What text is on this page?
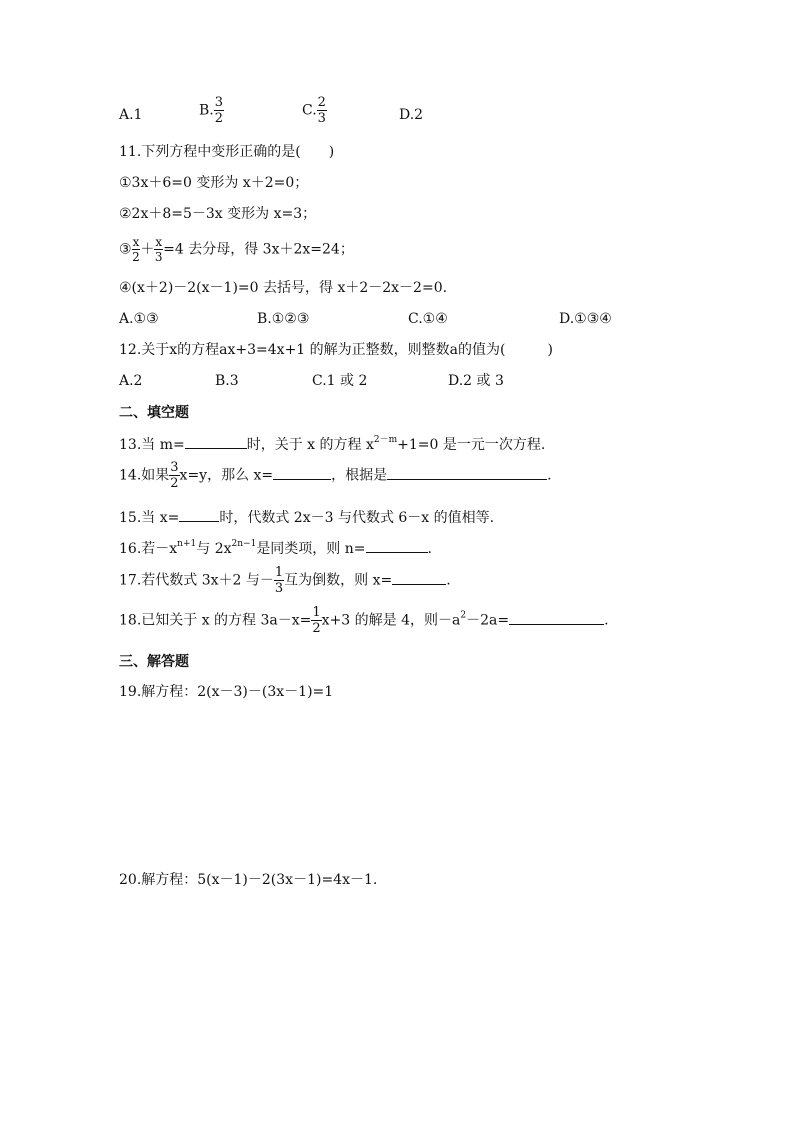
A.1	B. $\frac{3}{2}$	C. $\frac{2}{3}$	D.2
11.下列方程中变形正确的是(　　)
①3x＋6=0 变形为 x＋2=0；
②2x＋8=5－3x 变形为 x=3；
③ $\frac{x}{2} + \frac{x}{3} =4$ 去分母，得 3x＋2x=24；
④(x＋2)－2(x－1)=0 去括号，得 x＋2－2x－2=0.
A.①③	B.①②③	C.①④	D.①③④
12.关于x的方程ax+3=4x+1 的解为正整数，则整数a的值为(　　　)
A.2	B.3	C.1 或 2	D.2 或 3
二、填空题
13.当 m=	时，关于 x 的方程 $x^{2-m}+1=0$ 是一元一次方程.
14.如果 $\frac{3}{2} x=y$，那么 x=	，根据是	.
15.当 x=	时，代数式 2x－3 与代数式 6－x 的值相等.
16.若$-x^{n+1}$与 $2x^{2n-1}$是同类项，则 n=	.
17.若代数式 3x＋2 与－ $\frac{1}{3}$ 互为倒数，则 x=	.
18.已知关于 x 的方程 $3a-x= \frac{1}{2} x+3$ 的解是 4，则$-a^2-2a=$	.
三、解答题
19.解方程：2(x－3)－(3x－1)=1
20.解方程：5(x－1)－2(3x－1)=4x－1.
